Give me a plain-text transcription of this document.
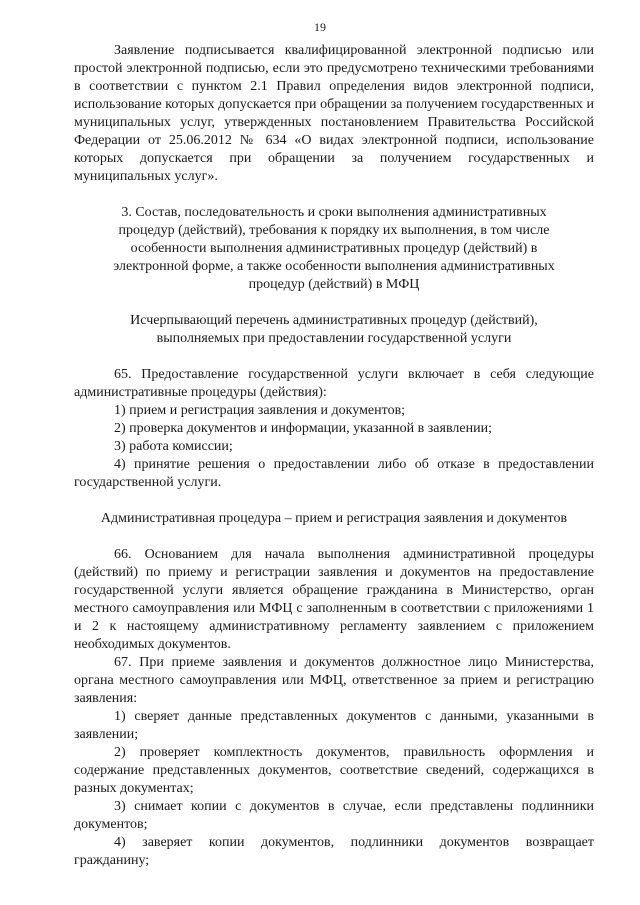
19

Заявление подписывается квалифицированной электронной подписью или простой электронной подписью, если это предусмотрено техническими требованиями в соответствии с пунктом 2.1 Правил определения видов электронной подписи, использование которых допускается при обращении за получением государственных и муниципальных услуг, утвержденных постановлением Правительства Российской Федерации от 25.06.2012 № 634 «О видах электронной подписи, использование которых допускается при обращении за получением государственных и муниципальных услуг».

3. Состав, последовательность и сроки выполнения административных процедур (действий), требования к порядку их выполнения, в том числе особенности выполнения административных процедур (действий) в электронной форме, а также особенности выполнения административных процедур (действий) в МФЦ

Исчерпывающий перечень административных процедур (действий), выполняемых при предоставлении государственной услуги

65. Предоставление государственной услуги включает в себя следующие административные процедуры (действия):

1) прием и регистрация заявления и документов;

2) проверка документов и информации, указанной в заявлении;

3) работа комиссии;

4) принятие решения о предоставлении либо об отказе в предоставлении государственной услуги.

Административная процедура – прием и регистрация заявления и документов

66. Основанием для начала выполнения административной процедуры (действий) по приему и регистрации заявления и документов на предоставление государственной услуги является обращение гражданина в Министерство, орган местного самоуправления или МФЦ с заполненным в соответствии с приложениями 1 и 2 к настоящему административному регламенту заявлением с приложением необходимых документов.

67. При приеме заявления и документов должностное лицо Министерства, органа местного самоуправления или МФЦ, ответственное за прием и регистрацию заявления:

1) сверяет данные представленных документов с данными, указанными в заявлении;

2) проверяет комплектность документов, правильность оформления и содержание представленных документов, соответствие сведений, содержащихся в разных документах;

3) снимает копии с документов в случае, если представлены подлинники документов;

4) заверяет копии документов, подлинники документов возвращает гражданину;
